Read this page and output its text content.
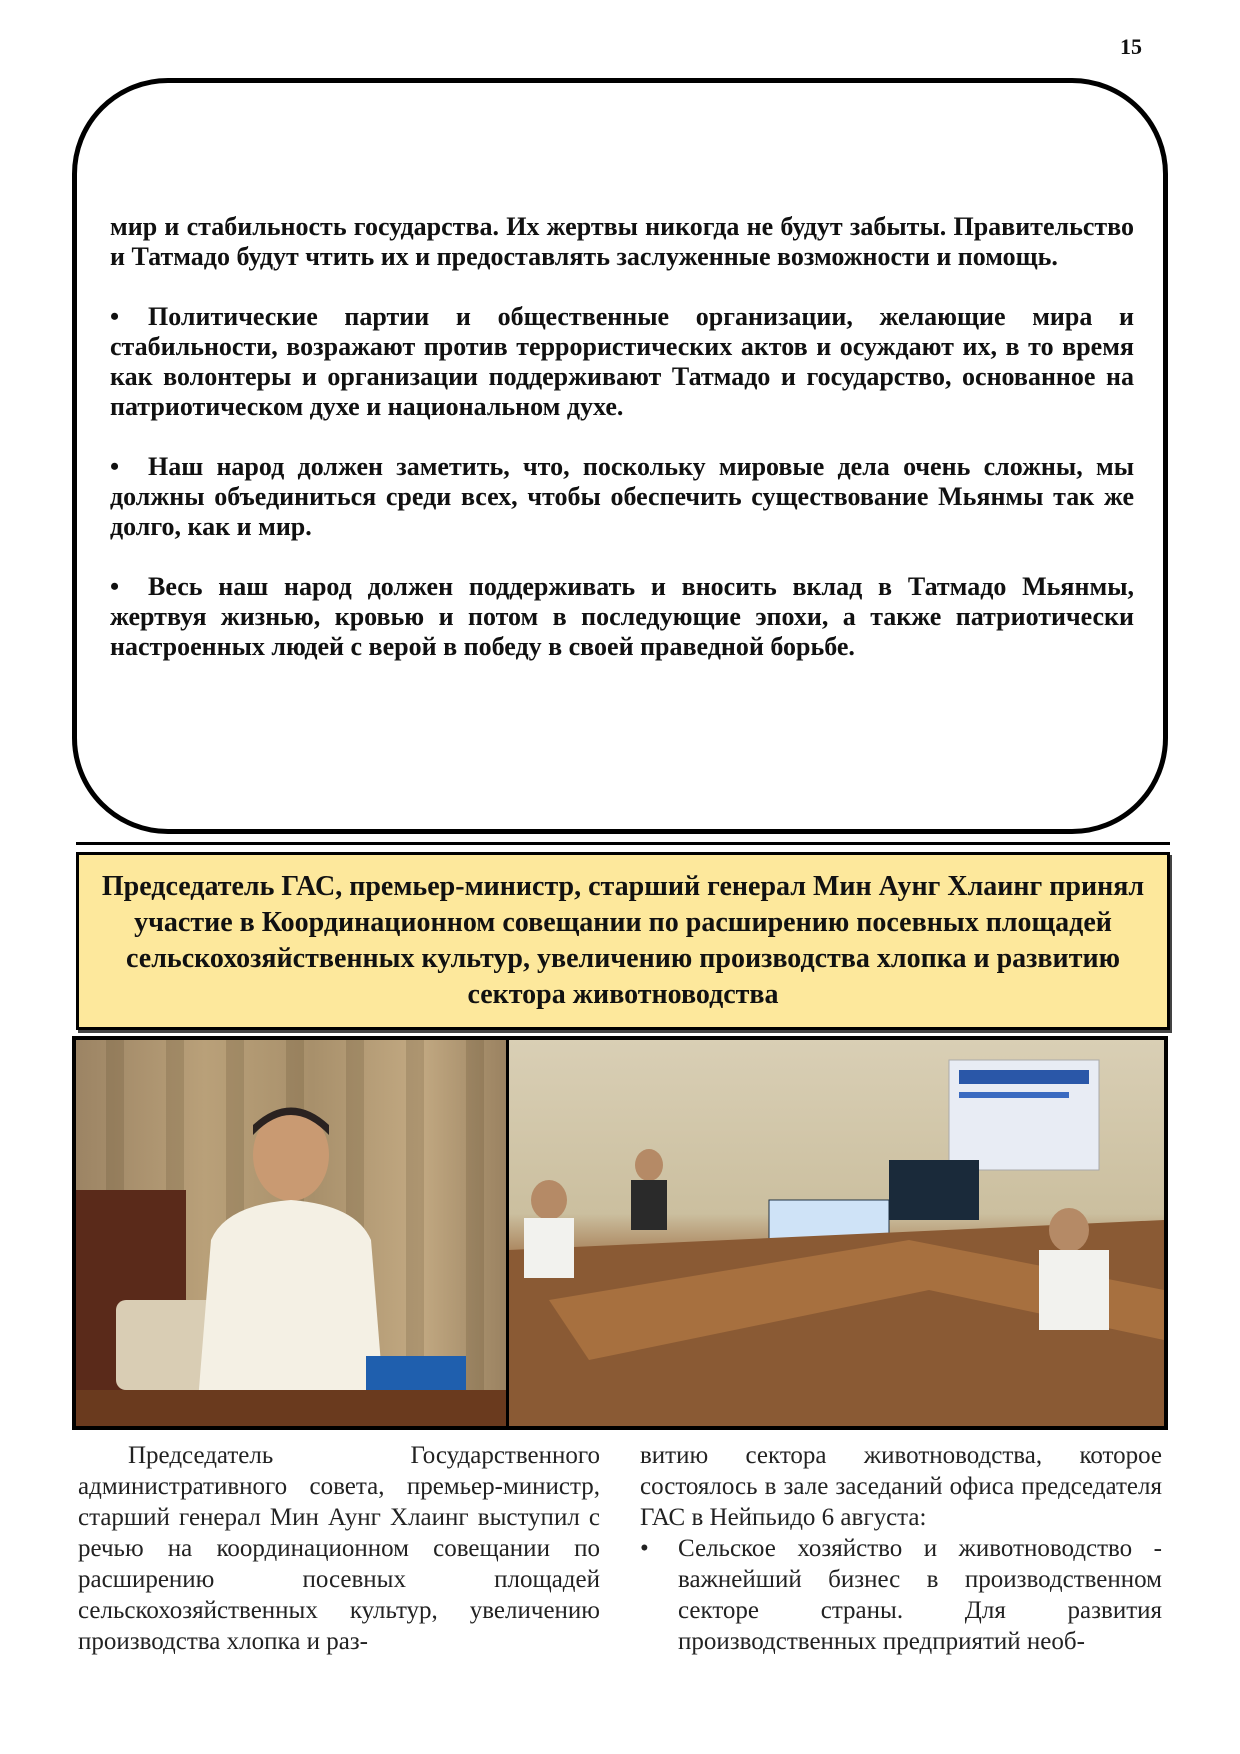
15

мир и стабильность государства. Их жертвы никогда не будут забыты. Правительство и Татмадо будут чтить их и предоставлять заслуженные возможности и помощь.

• Политические партии и общественные организации, желающие мира и стабильности, возражают против террористических актов и осуждают их, в то время как волонтеры и организации поддерживают Татмадо и государство, основанное на патриотическом духе и национальном духе.

• Наш народ должен заметить, что, поскольку мировые дела очень сложны, мы должны объединиться среди всех, чтобы обеспечить существование Мьянмы так же долго, как и мир.

• Весь наш народ должен поддерживать и вносить вклад в Татмадо Мьянмы, жертвуя жизнью, кровью и потом в последующие эпохи, а также патриотически настроенных людей с верой в победу в своей праведной борьбе.

Председатель ГАС, премьер-министр, старший генерал Мин Аунг Хлаинг принял участие в Координационном совещании по расширению посевных площадей сельскохозяйственных культур, увеличению производства хлопка и развитию сектора животноводства

Председатель Государственного административного совета, премьер-министр, старший генерал Мин Аунг Хлаинг выступил с речью на координационном совещании по расширению посевных площадей сельскохозяйственных культур, увеличению производства хлопка и раз-

витию сектора животноводства, которое состоялось в зале заседаний офиса председателя ГАС в Нейпьидо 6 августа:

•	Сельское хозяйство и животноводство - важнейший бизнес в производственном секторе страны. Для развития производственных предприятий необ-
